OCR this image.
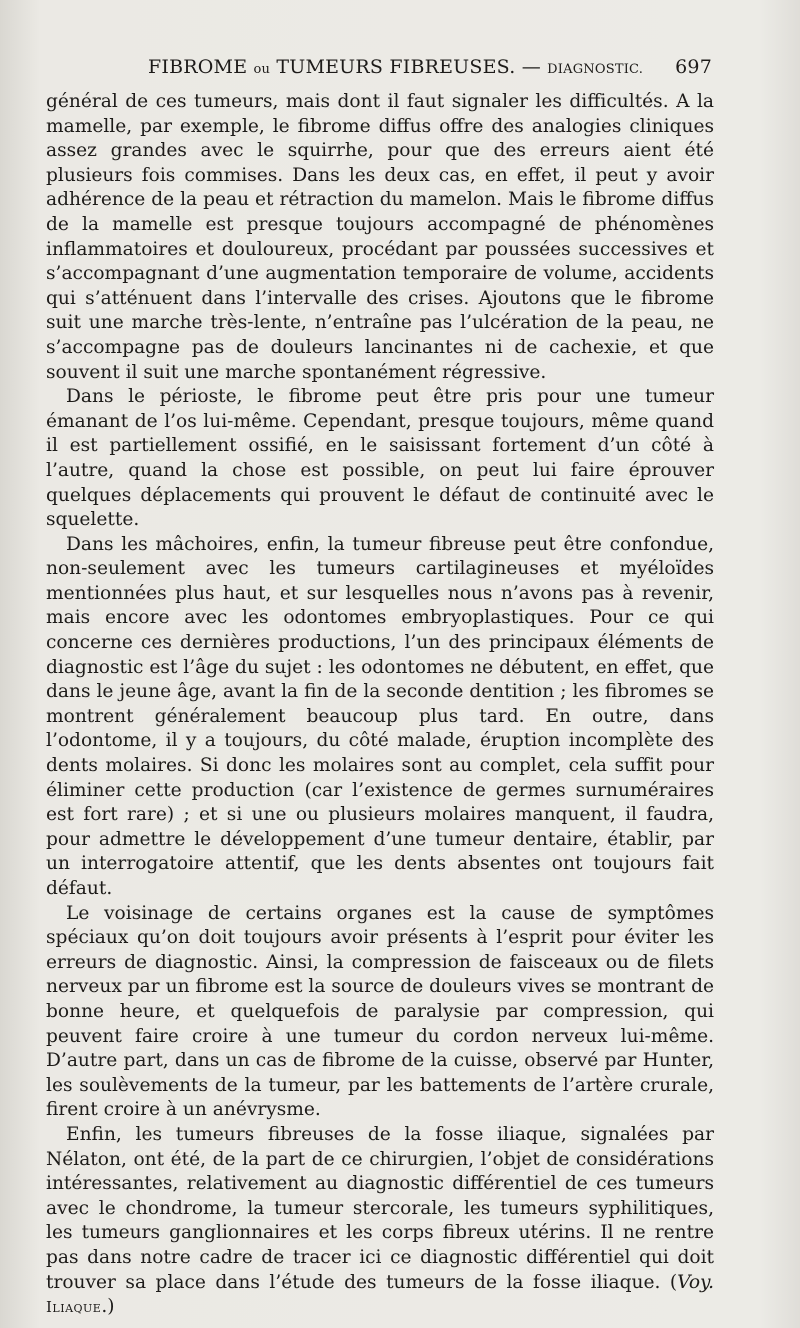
FIBROME ou TUMEURS FIBREUSES. — DIAGNOSTIC. 697

général de ces tumeurs, mais dont il faut signaler les difficultés. A la mamelle, par exemple, le fibrome diffus offre des analogies cliniques assez grandes avec le squirrhe, pour que des erreurs aient été plusieurs fois commises. Dans les deux cas, en effet, il peut y avoir adhérence de la peau et rétraction du mamelon. Mais le fibrome diffus de la mamelle est presque toujours accompagné de phénomènes inflammatoires et douloureux, procédant par poussées successives et s’accompagnant d’une augmentation temporaire de volume, accidents qui s’atténuent dans l’intervalle des crises. Ajoutons que le fibrome suit une marche très-lente, n’entraîne pas l’ulcération de la peau, ne s’accompagne pas de douleurs lancinantes ni de cachexie, et que souvent il suit une marche spontanément régressive.

Dans le périoste, le fibrome peut être pris pour une tumeur émanant de l’os lui-même. Cependant, presque toujours, même quand il est partiellement ossifié, en le saisissant fortement d’un côté à l’autre, quand la chose est possible, on peut lui faire éprouver quelques déplacements qui prouvent le défaut de continuité avec le squelette.

Dans les mâchoires, enfin, la tumeur fibreuse peut être confondue, non-seulement avec les tumeurs cartilagineuses et myéloïdes mentionnées plus haut, et sur lesquelles nous n’avons pas à revenir, mais encore avec les odontomes embryoplastiques. Pour ce qui concerne ces dernières productions, l’un des principaux éléments de diagnostic est l’âge du sujet : les odontomes ne débutent, en effet, que dans le jeune âge, avant la fin de la seconde dentition ; les fibromes se montrent généralement beaucoup plus tard. En outre, dans l’odontome, il y a toujours, du côté malade, éruption incomplète des dents molaires. Si donc les molaires sont au complet, cela suffit pour éliminer cette production (car l’existence de germes surnuméraires est fort rare) ; et si une ou plusieurs molaires manquent, il faudra, pour admettre le développement d’une tumeur dentaire, établir, par un interrogatoire attentif, que les dents absentes ont toujours fait défaut.

Le voisinage de certains organes est la cause de symptômes spéciaux qu’on doit toujours avoir présents à l’esprit pour éviter les erreurs de diagnostic. Ainsi, la compression de faisceaux ou de filets nerveux par un fibrome est la source de douleurs vives se montrant de bonne heure, et quelquefois de paralysie par compression, qui peuvent faire croire à une tumeur du cordon nerveux lui-même. D’autre part, dans un cas de fibrome de la cuisse, observé par Hunter, les soulèvements de la tumeur, par les battements de l’artère crurale, firent croire à un anévrysme.

Enfin, les tumeurs fibreuses de la fosse iliaque, signalées par Nélaton, ont été, de la part de ce chirurgien, l’objet de considérations intéressantes, relativement au diagnostic différentiel de ces tumeurs avec le chondrome, la tumeur stercorale, les tumeurs syphilitiques, les tumeurs ganglionnaires et les corps fibreux utérins. Il ne rentre pas dans notre cadre de tracer ici ce diagnostic différentiel qui doit trouver sa place dans l’étude des tumeurs de la fosse iliaque. (Voy. Iliaque.)
